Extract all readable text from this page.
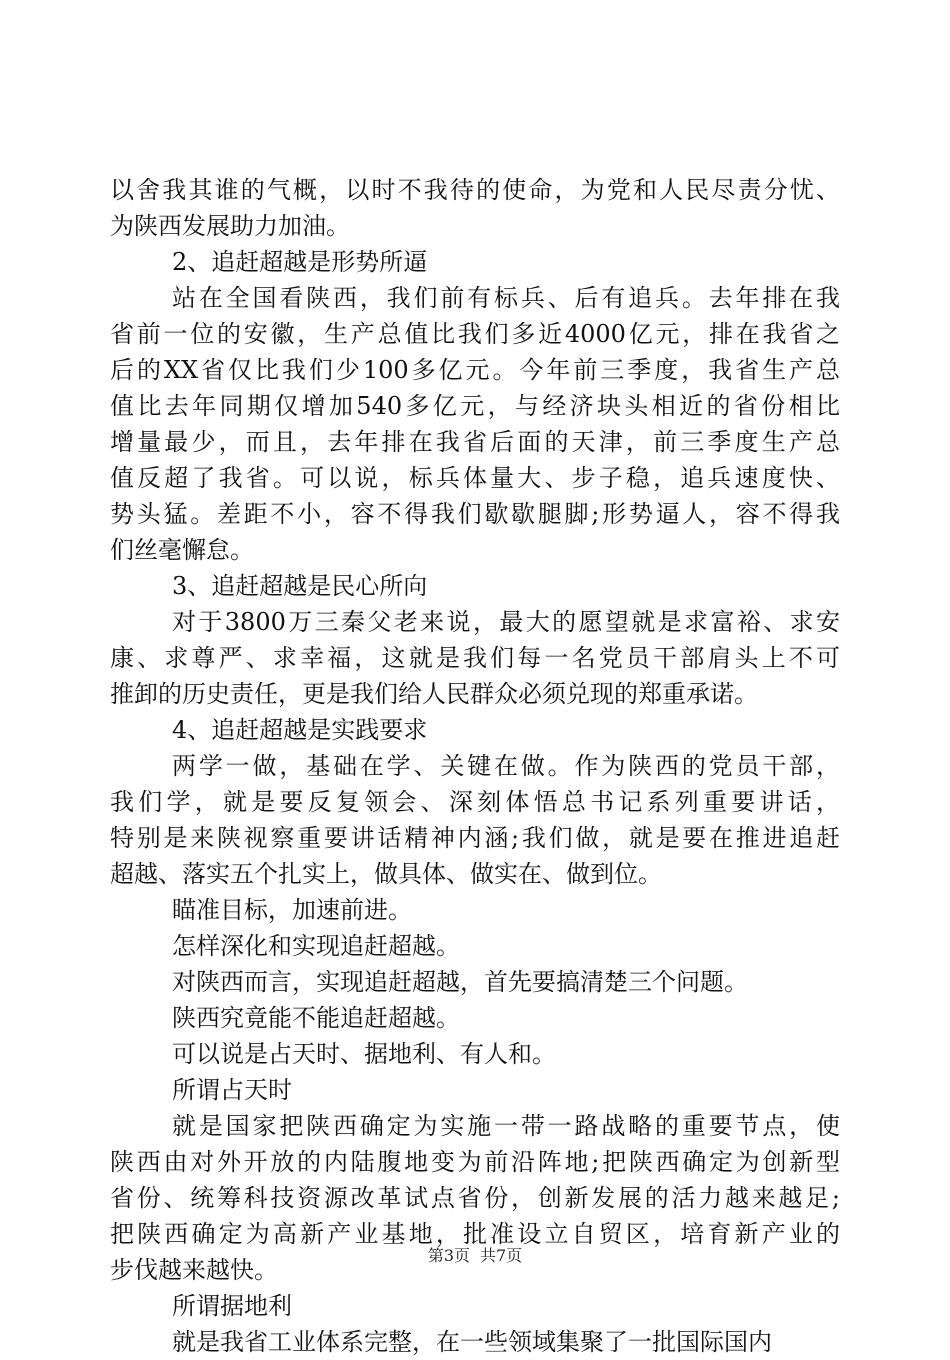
以舍我其谁的气概，以时不我待的使命，为党和人民尽责分忧、
为陕西发展助力加油。
2、追赶超越是形势所逼
站在全国看陕西，我们前有标兵、后有追兵。去年排在我
省前一位的安徽，生产总值比我们多近4000亿元，排在我省之
后的XX省仅比我们少100多亿元。今年前三季度，我省生产总
值比去年同期仅增加540多亿元，与经济块头相近的省份相比
增量最少，而且，去年排在我省后面的天津，前三季度生产总
值反超了我省。可以说，标兵体量大、步子稳，追兵速度快、
势头猛。差距不小，容不得我们歇歇腿脚;形势逼人，容不得我
们丝毫懈怠。
3、追赶超越是民心所向
对于3800万三秦父老来说，最大的愿望就是求富裕、求安
康、求尊严、求幸福，这就是我们每一名党员干部肩头上不可
推卸的历史责任，更是我们给人民群众必须兑现的郑重承诺。
4、追赶超越是实践要求
两学一做，基础在学、关键在做。作为陕西的党员干部，
我们学，就是要反复领会、深刻体悟总书记系列重要讲话，
特别是来陕视察重要讲话精神内涵;我们做，就是要在推进追赶
超越、落实五个扎实上，做具体、做实在、做到位。
瞄准目标，加速前进。
怎样深化和实现追赶超越。
对陕西而言，实现追赶超越，首先要搞清楚三个问题。
陕西究竟能不能追赶超越。
可以说是占天时、据地利、有人和。
所谓占天时
就是国家把陕西确定为实施一带一路战略的重要节点，使
陕西由对外开放的内陆腹地变为前沿阵地;把陕西确定为创新型
省份、统筹科技资源改革试点省份，创新发展的活力越来越足;
把陕西确定为高新产业基地，批准设立自贸区，培育新产业的
步伐越来越快。
所谓据地利
就是我省工业体系完整，在一些领域集聚了一批国际国内
第3页 共7页
